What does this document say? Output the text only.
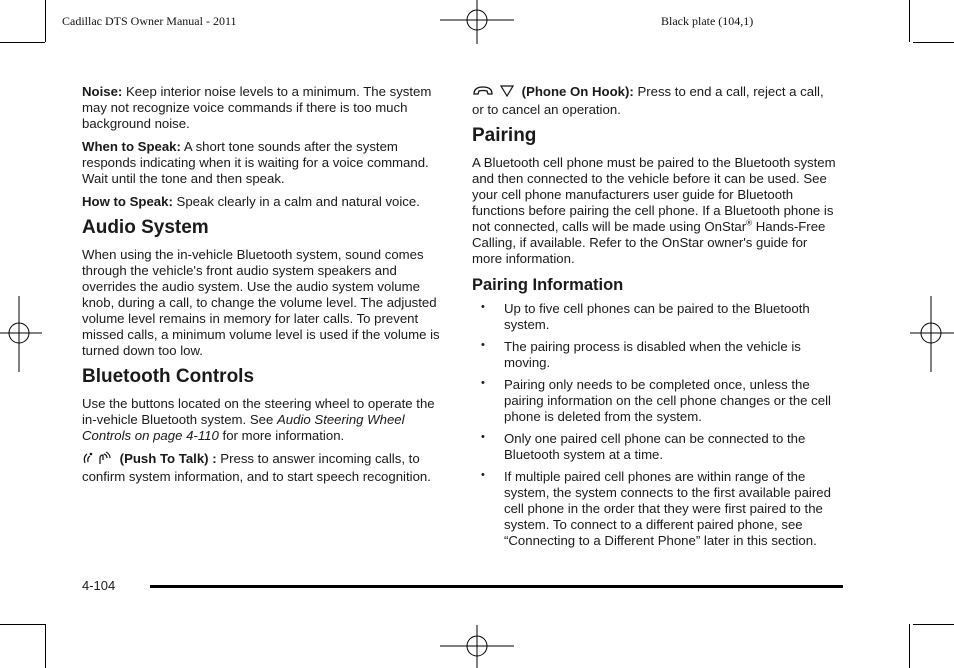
Cadillac DTS Owner Manual - 2011	Black plate (104,1)

Noise: Keep interior noise levels to a minimum. The system may not recognize voice commands if there is too much background noise.

When to Speak: A short tone sounds after the system responds indicating when it is waiting for a voice command. Wait until the tone and then speak.

How to Speak: Speak clearly in a calm and natural voice.

Audio System

When using the in-vehicle Bluetooth system, sound comes through the vehicle's front audio system speakers and overrides the audio system. Use the audio system volume knob, during a call, to change the volume level. The adjusted volume level remains in memory for later calls. To prevent missed calls, a minimum volume level is used if the volume is turned down too low.

Bluetooth Controls

Use the buttons located on the steering wheel to operate the in-vehicle Bluetooth system. See Audio Steering Wheel Controls on page 4-110 for more information.

(Push To Talk) : Press to answer incoming calls, to confirm system information, and to start speech recognition.

(Phone On Hook): Press to end a call, reject a call, or to cancel an operation.

Pairing

A Bluetooth cell phone must be paired to the Bluetooth system and then connected to the vehicle before it can be used. See your cell phone manufacturers user guide for Bluetooth functions before pairing the cell phone. If a Bluetooth phone is not connected, calls will be made using OnStar® Hands-Free Calling, if available. Refer to the OnStar owner's guide for more information.

Pairing Information
• Up to five cell phones can be paired to the Bluetooth system.
• The pairing process is disabled when the vehicle is moving.
• Pairing only needs to be completed once, unless the pairing information on the cell phone changes or the cell phone is deleted from the system.
• Only one paired cell phone can be connected to the Bluetooth system at a time.
• If multiple paired cell phones are within range of the system, the system connects to the first available paired cell phone in the order that they were first paired to the system. To connect to a different paired phone, see “Connecting to a Different Phone” later in this section.
4-104
